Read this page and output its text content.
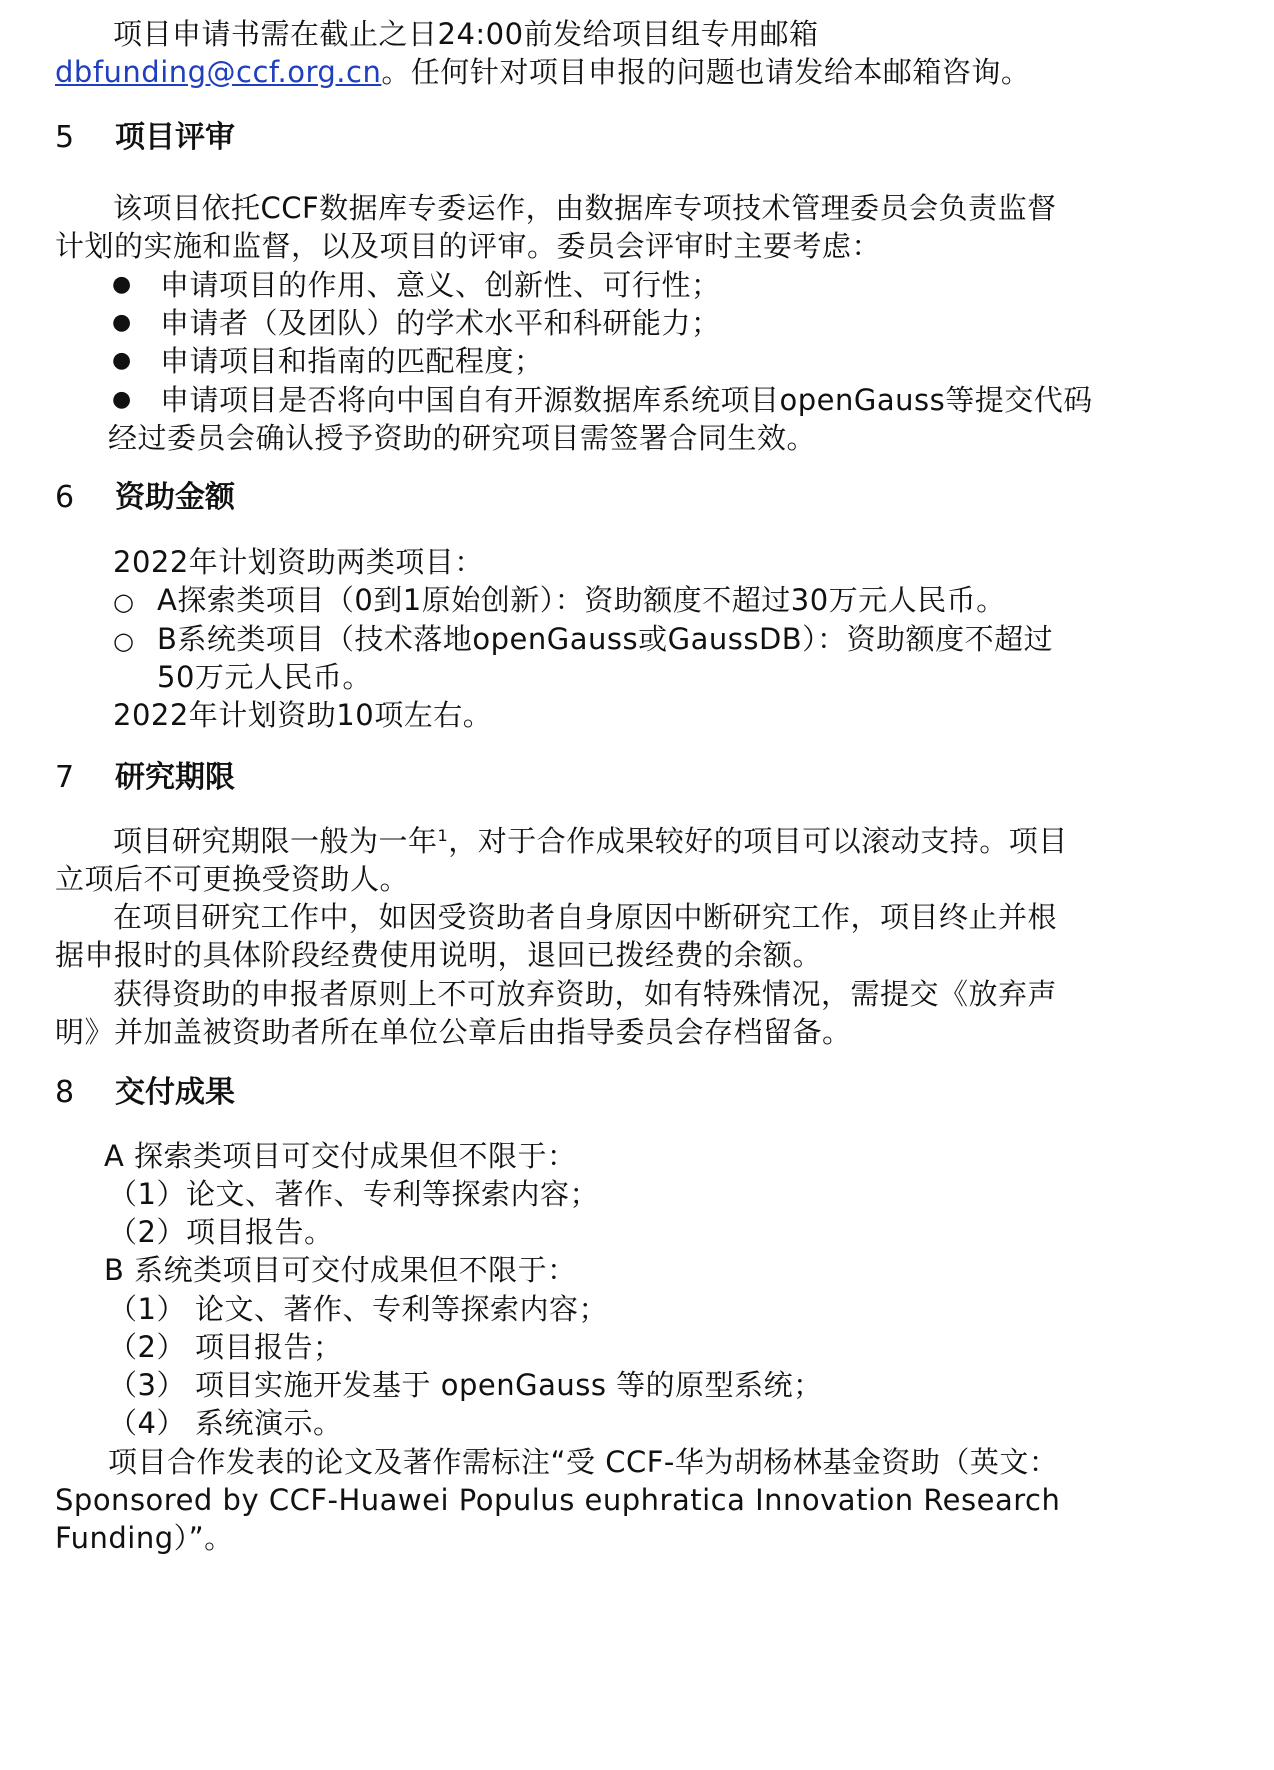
项目申请书需在截止之日24:00前发给项目组专用邮箱
dbfunding@ccf.org.cn。任何针对项目申报的问题也请发给本邮箱咨询。
5 项目评审
该项目依托CCF数据库专委运作，由数据库专项技术管理委员会负责监督
计划的实施和监督，以及项目的评审。委员会评审时主要考虑：
● 申请项目的作用、意义、创新性、可行性；
● 申请者（及团队）的学术水平和科研能力；
● 申请项目和指南的匹配程度；
● 申请项目是否将向中国自有开源数据库系统项目openGauss等提交代码
经过委员会确认授予资助的研究项目需签署合同生效。
6 资助金额
2022年计划资助两类项目：
○ A探索类项目（0到1原始创新）：资助额度不超过30万元人民币。
○ B系统类项目（技术落地openGauss或GaussDB）：资助额度不超过
50万元人民币。
2022年计划资助10项左右。
7 研究期限
项目研究期限一般为一年$^1$，对于合作成果较好的项目可以滚动支持。项目
立项后不可更换受资助人。
在项目研究工作中，如因受资助者自身原因中断研究工作，项目终止并根
据申报时的具体阶段经费使用说明，退回已拨经费的余额。
获得资助的申报者原则上不可放弃资助，如有特殊情况，需提交《放弃声
明》并加盖被资助者所在单位公章后由指导委员会存档留备。
8 交付成果
A 探索类项目可交付成果但不限于：
（1）论文、著作、专利等探索内容；
（2）项目报告。
B 系统类项目可交付成果但不限于：
（1） 论文、著作、专利等探索内容；
（2） 项目报告；
（3） 项目实施开发基于 openGauss 等的原型系统；
（4） 系统演示。
项目合作发表的论文及著作需标注“受 CCF-华为胡杨林基金资助（英文：
Sponsored by CCF-Huawei Populus euphratica Innovation Research
Funding）”。
